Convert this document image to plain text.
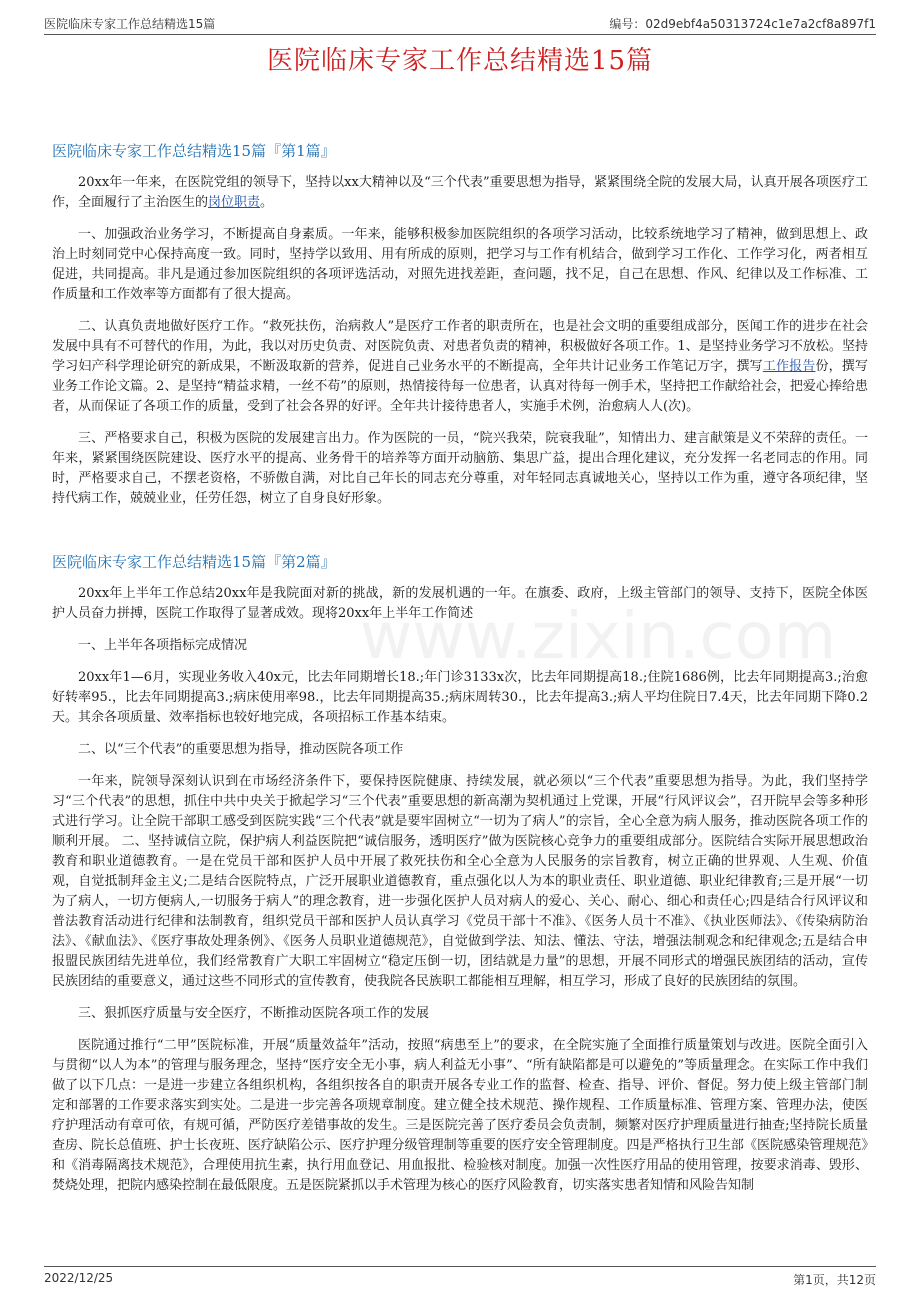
医院临床专家工作总结精选15篇	编号：02d9ebf4a50313724c1e7a2cf8a897f1
医院临床专家工作总结精选15篇
www.zixin.com
医院临床专家工作总结精选15篇『第1篇』

20xx年一年来，在医院党组的领导下，坚持以xx大精神以及“三个代表”重要思想为指导，紧紧围绕全院的发展大局，认真开展各项医疗工作，全面履行了主治医生的岗位职责。

一、加强政治业务学习，不断提高自身素质。一年来，能够积极参加医院组织的各项学习活动，比较系统地学习了精神，做到思想上、政治上时刻同党中心保持高度一致。同时，坚持学以致用、用有所成的原则，把学习与工作有机结合，做到学习工作化、工作学习化，两者相互促进，共同提高。非凡是通过参加医院组织的各项评选活动，对照先进找差距，查问题，找不足，自己在思想、作风、纪律以及工作标准、工作质量和工作效率等方面都有了很大提高。

二、认真负责地做好医疗工作。“救死扶伤，治病救人”是医疗工作者的职责所在，也是社会文明的重要组成部分，医闻工作的进步在社会发展中具有不可替代的作用，为此，我以对历史负责、对医院负责、对患者负责的精神，积极做好各项工作。1、是坚持业务学习不放松。坚持学习妇产科学理论研究的新成果，不断汲取新的营养，促进自己业务水平的不断提高，全年共计记业务工作笔记万字，撰写工作报告份，撰写业务工作论文篇。2、是坚持“精益求精，一丝不苟”的原则，热情接待每一位患者，认真对待每一例手术，坚持把工作献给社会，把爱心捧给患者，从而保证了各项工作的质量，受到了社会各界的好评。全年共计接待患者人，实施手术例，治愈病人人(次)。

三、严格要求自己，积极为医院的发展建言出力。作为医院的一员，“院兴我荣，院衰我耻”，知情出力、建言献策是义不荣辞的责任。一年来，紧紧围绕医院建设、医疗水平的提高、业务骨干的培养等方面开动脑筋、集思广益，提出合理化建议，充分发挥一名老同志的作用。同时，严格要求自己，不摆老资格，不骄傲自满，对比自己年长的同志充分尊重，对年轻同志真诚地关心，坚持以工作为重，遵守各项纪律，坚持代病工作，兢兢业业，任劳任怨，树立了自身良好形象。

医院临床专家工作总结精选15篇『第2篇』

20xx年上半年工作总结20xx年是我院面对新的挑战，新的发展机遇的一年。在旗委、政府，上级主管部门的领导、支持下，医院全体医护人员奋力拼搏，医院工作取得了显著成效。现将20xx年上半年工作简述

一、上半年各项指标完成情况

20xx年1—6月，实现业务收入40x元，比去年同期增长18.;年门诊3133x次，比去年同期提高18.;住院1686例，比去年同期提高3.;治愈好转率95.，比去年同期提高3.;病床使用率98.，比去年同期提高35.;病床周转30.，比去年提高3.;病人平均住院日7.4天，比去年同期下降0.2天。其余各项质量、效率指标也较好地完成，各项招标工作基本结束。

二、以“三个代表”的重要思想为指导，推动医院各项工作

一年来，院领导深刻认识到在市场经济条件下，要保持医院健康、持续发展，就必须以“三个代表”重要思想为指导。为此，我们坚持学习“三个代表”的思想，抓住中共中央关于掀起学习“三个代表”重要思想的新高潮为契机通过上党课，开展“行风评议会”，召开院早会等多种形式进行学习。让全院干部职工感受到医院实践“三个代表”就是要牢固树立“一切为了病人”的宗旨，全心全意为病人服务，推动医院各项工作的顺利开展。 二、坚持诚信立院，保护病人利益医院把“诚信服务，透明医疗”做为医院核心竞争力的重要组成部分。医院结合实际开展思想政治教育和职业道德教育。一是在党员干部和医护人员中开展了救死扶伤和全心全意为人民服务的宗旨教育，树立正确的世界观、人生观、价值观，自觉抵制拜金主义;二是结合医院特点，广泛开展职业道德教育，重点强化以人为本的职业责任、职业道德、职业纪律教育;三是开展“一切为了病人，一切方便病人,一切服务于病人”的理念教育，进一步强化医护人员对病人的爱心、关心、耐心、细心和责任心;四是结合行风评议和普法教育活动进行纪律和法制教育，组织党员干部和医护人员认真学习《党员干部十不准》、《医务人员十不准》、《执业医师法》、《传染病防治法》、《献血法》、《医疗事故处理条例》、《医务人员职业道德规范》，自觉做到学法、知法、懂法、守法，增强法制观念和纪律观念;五是结合申报盟民族团结先进单位，我们经常教育广大职工牢固树立“稳定压倒一切，团结就是力量”的思想，开展不同形式的增强民族团结的活动，宣传民族团结的重要意义，通过这些不同形式的宣传教育，使我院各民族职工都能相互理解，相互学习，形成了良好的民族团结的氛围。

三、狠抓医疗质量与安全医疗，不断推动医院各项工作的发展

医院通过推行“二甲”医院标准，开展“质量效益年”活动，按照“病患至上”的要求，在全院实施了全面推行质量策划与改进。医院全面引入与贯彻“以人为本”的管理与服务理念，坚持“医疗安全无小事，病人利益无小事”、“所有缺陷都是可以避免的”等质量理念。在实际工作中我们做了以下几点：一是进一步建立各组织机构，各组织按各自的职责开展各专业工作的监督、检查、指导、评价、督促。努力使上级主管部门制定和部署的工作要求落实到实处。二是进一步完善各项规章制度。建立健全技术规范、操作规程、工作质量标准、管理方案、管理办法，使医疗护理活动有章可依，有规可循，严防医疗差错事故的发生。三是医院完善了医疗委员会负责制，频繁对医疗护理质量进行抽查;坚持院长质量查房、院长总值班、护士长夜班、医疗缺陷公示、医疗护理分级管理制等重要的医疗安全管理制度。四是严格执行卫生部《医院感染管理规范》和《消毒隔离技术规范》，合理使用抗生素，执行用血登记、用血报批、检验核对制度。加强一次性医疗用品的使用管理，按要求消毒、毁形、焚烧处理，把院内感染控制在最低限度。五是医院紧抓以手术管理为核心的医疗风险教育，切实落实患者知情和风险告知制

2022/12/25	第1页，共12页
